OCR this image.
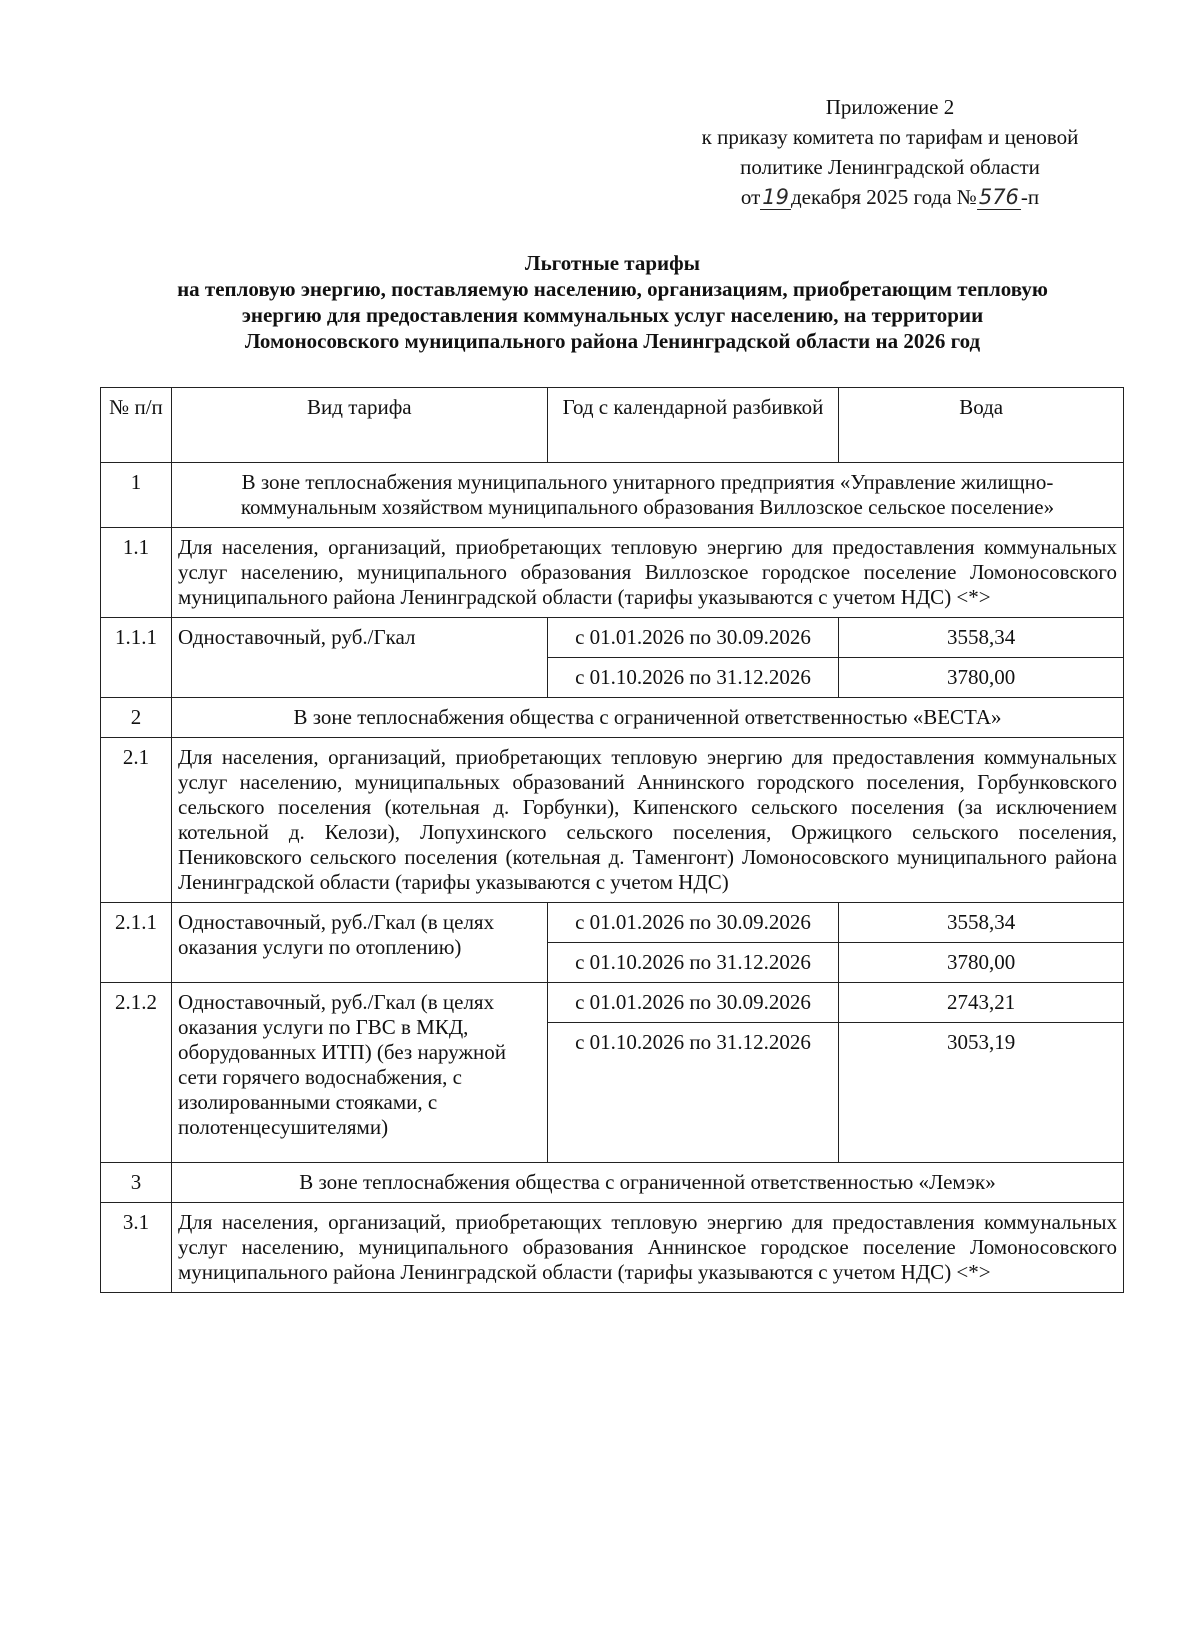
Приложение 2
к приказу комитета по тарифам и ценовой
политике Ленинградской области
от19декабря 2025 года №576-п
Льготные тарифы
на тепловую энергию, поставляемую населению, организациям, приобретающим тепловую
энергию для предоставления коммунальных услуг населению, на территории
Ломоносовского муниципального района Ленинградской области на 2026 год
№ п/п	Вид тарифа	Год с календарной разбивкой	Вода
1	В зоне теплоснабжения муниципального унитарного предприятия «Управление жилищно-коммунальным хозяйством муниципального образования Виллозское сельское поселение»		
1.1	Для населения, организаций, приобретающих тепловую энергию для предоставления коммунальных услуг населению, муниципального образования Виллозское городское поселение Ломоносовского муниципального района Ленинградской области (тарифы указываются с учетом НДС) <*>		
1.1.1	Одноставочный, руб./Гкал	с 01.01.2026 по 30.09.2026	3558,34
		с 01.10.2026 по 31.12.2026	3780,00
2	В зоне теплоснабжения общества с ограниченной ответственностью «ВЕСТА»		
2.1	Для населения, организаций, приобретающих тепловую энергию для предоставления коммунальных услуг населению, муниципальных образований Аннинского городского поселения, Горбунковского сельского поселения (котельная д. Горбунки), Кипенского сельского поселения (за исключением котельной д. Келози), Лопухинского сельского поселения, Оржицкого сельского поселения, Пениковского сельского поселения (котельная д. Таменгонт) Ломоносовского муниципального района Ленинградской области (тарифы указываются с учетом НДС)		
2.1.1	Одноставочный, руб./Гкал (в целях оказания услуги по отоплению)	с 01.01.2026 по 30.09.2026	3558,34
		с 01.10.2026 по 31.12.2026	3780,00
2.1.2	Одноставочный, руб./Гкал (в целях оказания услуги по ГВС в МКД, оборудованных ИТП) (без наружной сети горячего водоснабжения, с изолированными стояками, с полотенцесушителями)	с 01.01.2026 по 30.09.2026	2743,21
		с 01.10.2026 по 31.12.2026	3053,19
3	В зоне теплоснабжения общества с ограниченной ответственностью «Лемэк»		
3.1	Для населения, организаций, приобретающих тепловую энергию для предоставления коммунальных услуг населению, муниципального образования Аннинское городское поселение Ломоносовского муниципального района Ленинградской области (тарифы указываются с учетом НДС) <*>		
